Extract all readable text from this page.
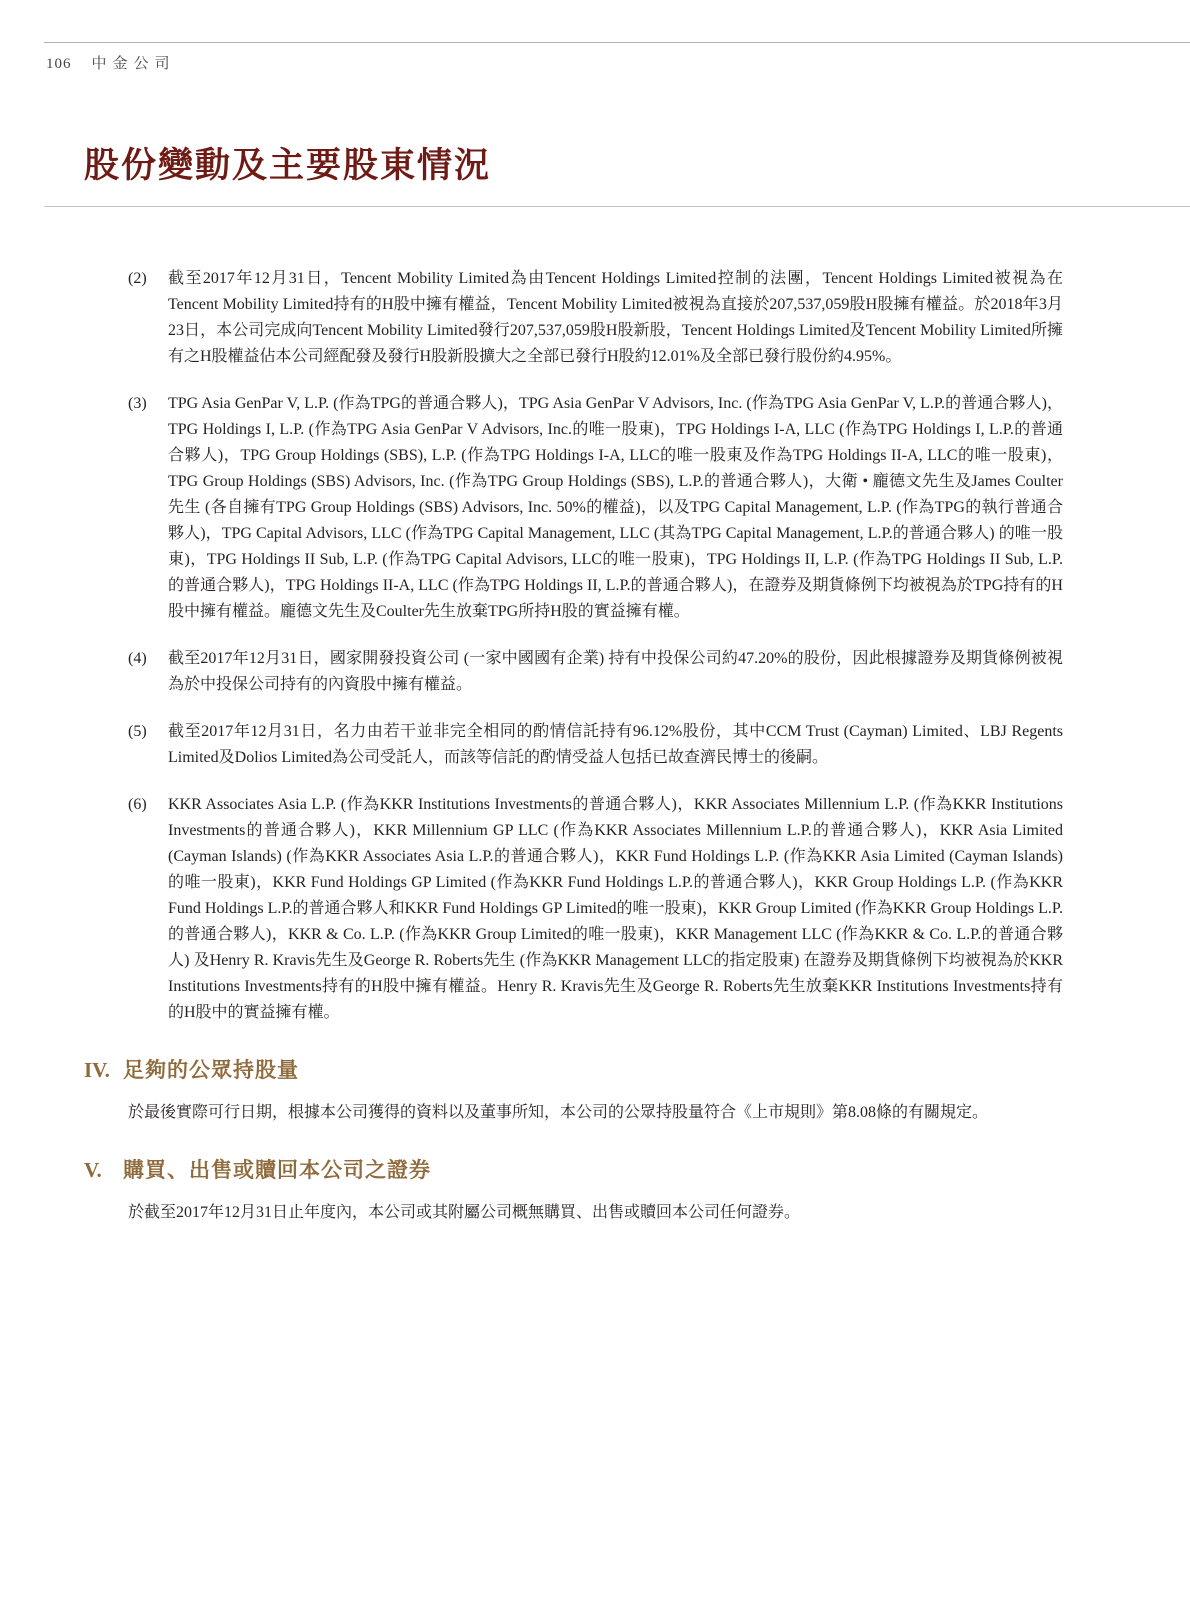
106 中金公司
股份變動及主要股東情況
(2)	截至2017年12月31日，Tencent Mobility Limited為由Tencent Holdings Limited控制的法團，Tencent Holdings Limited被視為在Tencent Mobility Limited持有的H股中擁有權益，Tencent Mobility Limited被視為直接於207,537,059股H股擁有權益。於2018年3月23日，本公司完成向Tencent Mobility Limited發行207,537,059股H股新股，Tencent Holdings Limited及Tencent Mobility Limited所擁有之H股權益佔本公司經配發及發行H股新股擴大之全部已發行H股約12.01%及全部已發行股份約4.95%。
(3)	TPG Asia GenPar V, L.P. (作為TPG的普通合夥人)，TPG Asia GenPar V Advisors, Inc. (作為TPG Asia GenPar V, L.P.的普通合夥人)，TPG Holdings I, L.P. (作為TPG Asia GenPar V Advisors, Inc.的唯一股東)，TPG Holdings I-A, LLC (作為TPG Holdings I, L.P.的普通合夥人)，TPG Group Holdings (SBS), L.P. (作為TPG Holdings I-A, LLC的唯一股東及作為TPG Holdings II-A, LLC的唯一股東)，TPG Group Holdings (SBS) Advisors, Inc. (作為TPG Group Holdings (SBS), L.P.的普通合夥人)，大衛 • 龐德文先生及James Coulter先生 (各自擁有TPG Group Holdings (SBS) Advisors, Inc. 50%的權益)，以及TPG Capital Management, L.P. (作為TPG的執行普通合夥人)，TPG Capital Advisors, LLC (作為TPG Capital Management, LLC (其為TPG Capital Management, L.P.的普通合夥人) 的唯一股東)，TPG Holdings II Sub, L.P. (作為TPG Capital Advisors, LLC的唯一股東)，TPG Holdings II, L.P. (作為TPG Holdings II Sub, L.P.的普通合夥人)，TPG Holdings II-A, LLC (作為TPG Holdings II, L.P.的普通合夥人)，在證券及期貨條例下均被視為於TPG持有的H股中擁有權益。龐德文先生及Coulter先生放棄TPG所持H股的實益擁有權。
(4)	截至2017年12月31日，國家開發投資公司 (一家中國國有企業) 持有中投保公司約47.20%的股份，因此根據證券及期貨條例被視為於中投保公司持有的內資股中擁有權益。
(5)	截至2017年12月31日，名力由若干並非完全相同的酌情信託持有96.12%股份，其中CCM Trust (Cayman) Limited、LBJ Regents Limited及Dolios Limited為公司受託人，而該等信託的酌情受益人包括已故查濟民博士的後嗣。
(6)	KKR Associates Asia L.P. (作為KKR Institutions Investments的普通合夥人)，KKR Associates Millennium L.P. (作為KKR Institutions Investments的普通合夥人)，KKR Millennium GP LLC (作為KKR Associates Millennium L.P.的普通合夥人)，KKR Asia Limited (Cayman Islands) (作為KKR Associates Asia L.P.的普通合夥人)，KKR Fund Holdings L.P. (作為KKR Asia Limited (Cayman Islands)的唯一股東)，KKR Fund Holdings GP Limited (作為KKR Fund Holdings L.P.的普通合夥人)，KKR Group Holdings L.P. (作為KKR Fund Holdings L.P.的普通合夥人和KKR Fund Holdings GP Limited的唯一股東)，KKR Group Limited (作為KKR Group Holdings L.P.的普通合夥人)，KKR & Co. L.P. (作為KKR Group Limited的唯一股東)，KKR Management LLC (作為KKR & Co. L.P.的普通合夥人) 及Henry R. Kravis先生及George R. Roberts先生 (作為KKR Management LLC的指定股東) 在證券及期貨條例下均被視為於KKR Institutions Investments持有的H股中擁有權益。Henry R. Kravis先生及George R. Roberts先生放棄KKR Institutions Investments持有的H股中的實益擁有權。
IV. 足夠的公眾持股量

於最後實際可行日期，根據本公司獲得的資料以及董事所知，本公司的公眾持股量符合《上市規則》第8.08條的有關規定。

V.	購買、出售或贖回本公司之證券

於截至2017年12月31日止年度內，本公司或其附屬公司概無購買、出售或贖回本公司任何證券。
